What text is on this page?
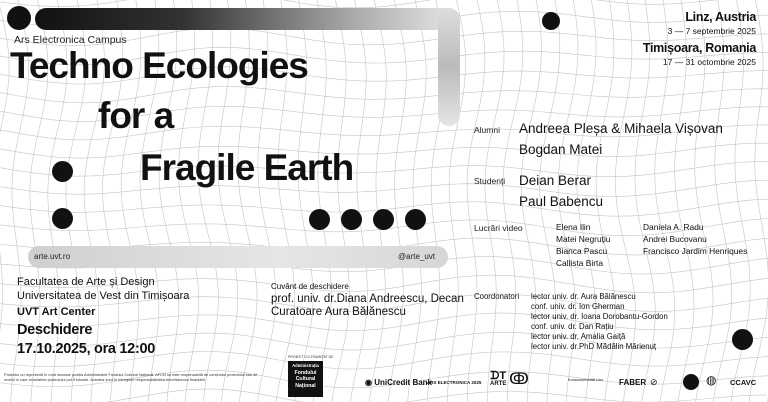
Ars Electronica Campus
Techno Ecologies
for a
Fragile Earth
arte.uvt.ro	@arte_uvt
Linz, Austria
3 — 7 septembrie 2025
Timișoara, Romania
17 — 31 octombrie 2025
Alumni Andreea Pleșa & Mihaela Vișovan
Bogdan Matei
Studenți Deian Berar
Paul Babencu
Lucrări video	Elena Ilin
Matei Negruțiu
Bianca Pascu
Callista Birta
Daniela A. Radu
Andrei Bucovanu
Francisco Jardim Henriques
Coordonatori lector univ. dr. Aura Bălănescu
conf. univ. dr. Ion Gherman
lector univ. dr. Ioana Dorobantu-Gordon
conf. univ. dr. Dan Rațiu
lector univ. dr. Amalia Gaiță
lector univ. dr.PhD Mădălin Mărienuț
Facultatea de Arte și Design
Universitatea de Vest din Timișoara
UVT Art Center
Deschidere
17.10.2025, ora 12:00
Cuvânt de deschidere
prof. univ. dr.Diana Andreescu, Decan
Curatoare Aura Bălănescu
Proiectul nu reprezintă în mod necesar poziția Administrației Fondului Cultural Național. AFCN nu este responsabilă de conținutul proiectului sau de modul în care rezultatele proiectului pot fi folosite. Acestea sunt în întregime responsabilitatea beneficiarului finanțării.
PROIECT CO-FINANȚAT DE
Administrația
Fondului
Cultural
Național	◉ UniCredit Bank
ARS ELECTRONICA 2025
ᗪT
ARTE ↂ	Kunstuniversität Linz	FABER ⊘	◍ CCAVC
